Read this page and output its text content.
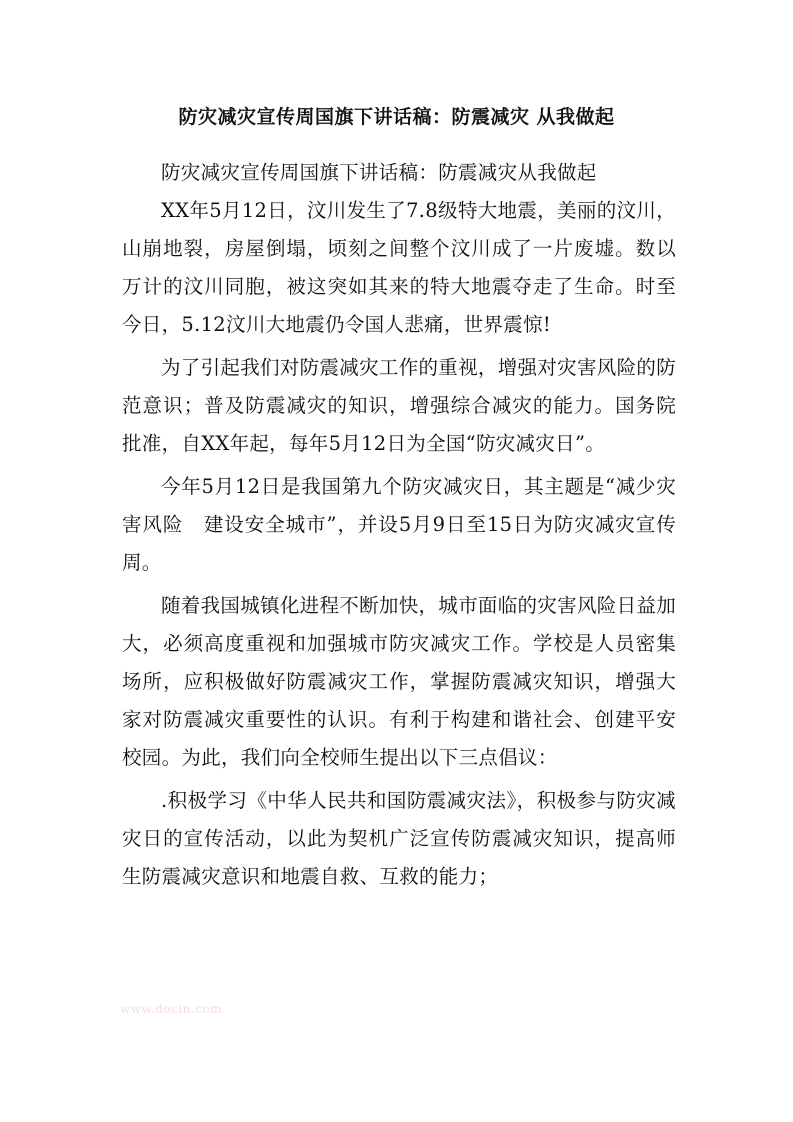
防灾减灾宣传周国旗下讲话稿：防震减灾 从我做起

防灾减灾宣传周国旗下讲话稿：防震减灾从我做起

XX年5月12日，汶川发生了7.8级特大地震，美丽的汶川，山崩地裂，房屋倒塌，顷刻之间整个汶川成了一片废墟。数以万计的汶川同胞，被这突如其来的特大地震夺走了生命。时至今日，5.12汶川大地震仍令国人悲痛，世界震惊!

为了引起我们对防震减灾工作的重视，增强对灾害风险的防范意识；普及防震减灾的知识，增强综合减灾的能力。国务院批准，自XX年起，每年5月12日为全国“防灾减灾日”。

今年5月12日是我国第九个防灾减灾日，其主题是“减少灾害风险　建设安全城市”，并设5月9日至15日为防灾减灾宣传周。

随着我国城镇化进程不断加快，城市面临的灾害风险日益加大，必须高度重视和加强城市防灾减灾工作。学校是人员密集场所，应积极做好防震减灾工作，掌握防震减灾知识，增强大家对防震减灾重要性的认识。有利于构建和谐社会、创建平安校园。为此，我们向全校师生提出以下三点倡议：

.积极学习《中华人民共和国防震减灾法》，积极参与防灾减灾日的宣传活动，以此为契机广泛宣传防震减灾知识，提高师生防震减灾意识和地震自救、互救的能力；

www.docin.com
